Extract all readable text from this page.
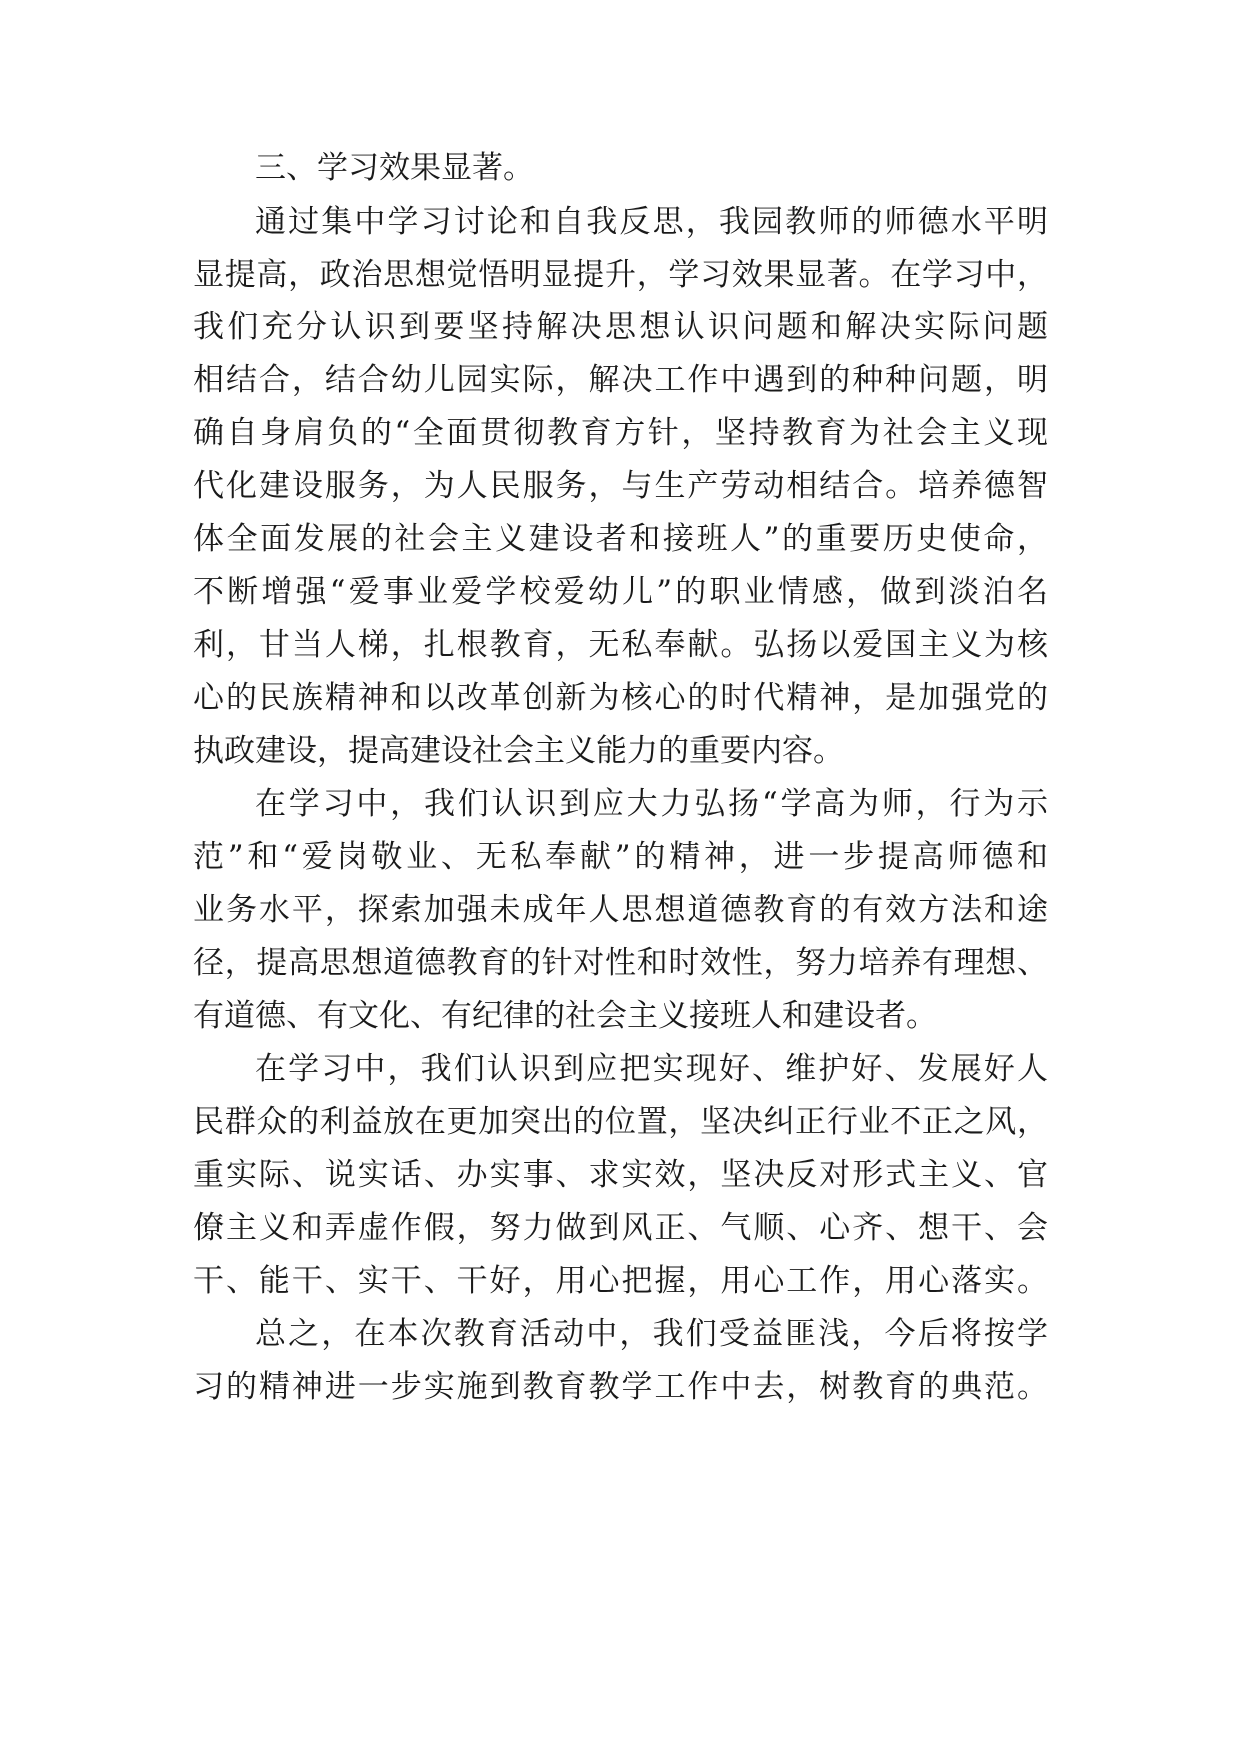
三、学习效果显著。
通过集中学习讨论和自我反思，我园教师的师德水平明
显提高，政治思想觉悟明显提升，学习效果显著。在学习中，
我们充分认识到要坚持解决思想认识问题和解决实际问题
相结合，结合幼儿园实际，解决工作中遇到的种种问题，明
确自身肩负的“全面贯彻教育方针，坚持教育为社会主义现
代化建设服务，为人民服务，与生产劳动相结合。培养德智
体全面发展的社会主义建设者和接班人”的重要历史使命，
不断增强“爱事业爱学校爱幼儿”的职业情感，做到淡泊名
利，甘当人梯，扎根教育，无私奉献。弘扬以爱国主义为核
心的民族精神和以改革创新为核心的时代精神，是加强党的
执政建设，提高建设社会主义能力的重要内容。
在学习中，我们认识到应大力弘扬“学高为师，行为示
范”和“爱岗敬业、无私奉献”的精神，进一步提高师德和
业务水平，探索加强未成年人思想道德教育的有效方法和途
径，提高思想道德教育的针对性和时效性，努力培养有理想、
有道德、有文化、有纪律的社会主义接班人和建设者。
在学习中，我们认识到应把实现好、维护好、发展好人
民群众的利益放在更加突出的位置，坚决纠正行业不正之风，
重实际、说实话、办实事、求实效，坚决反对形式主义、官
僚主义和弄虚作假，努力做到风正、气顺、心齐、想干、会
干、能干、实干、干好，用心把握，用心工作，用心落实。
总之，在本次教育活动中，我们受益匪浅，今后将按学
习的精神进一步实施到教育教学工作中去，树教育的典范。
